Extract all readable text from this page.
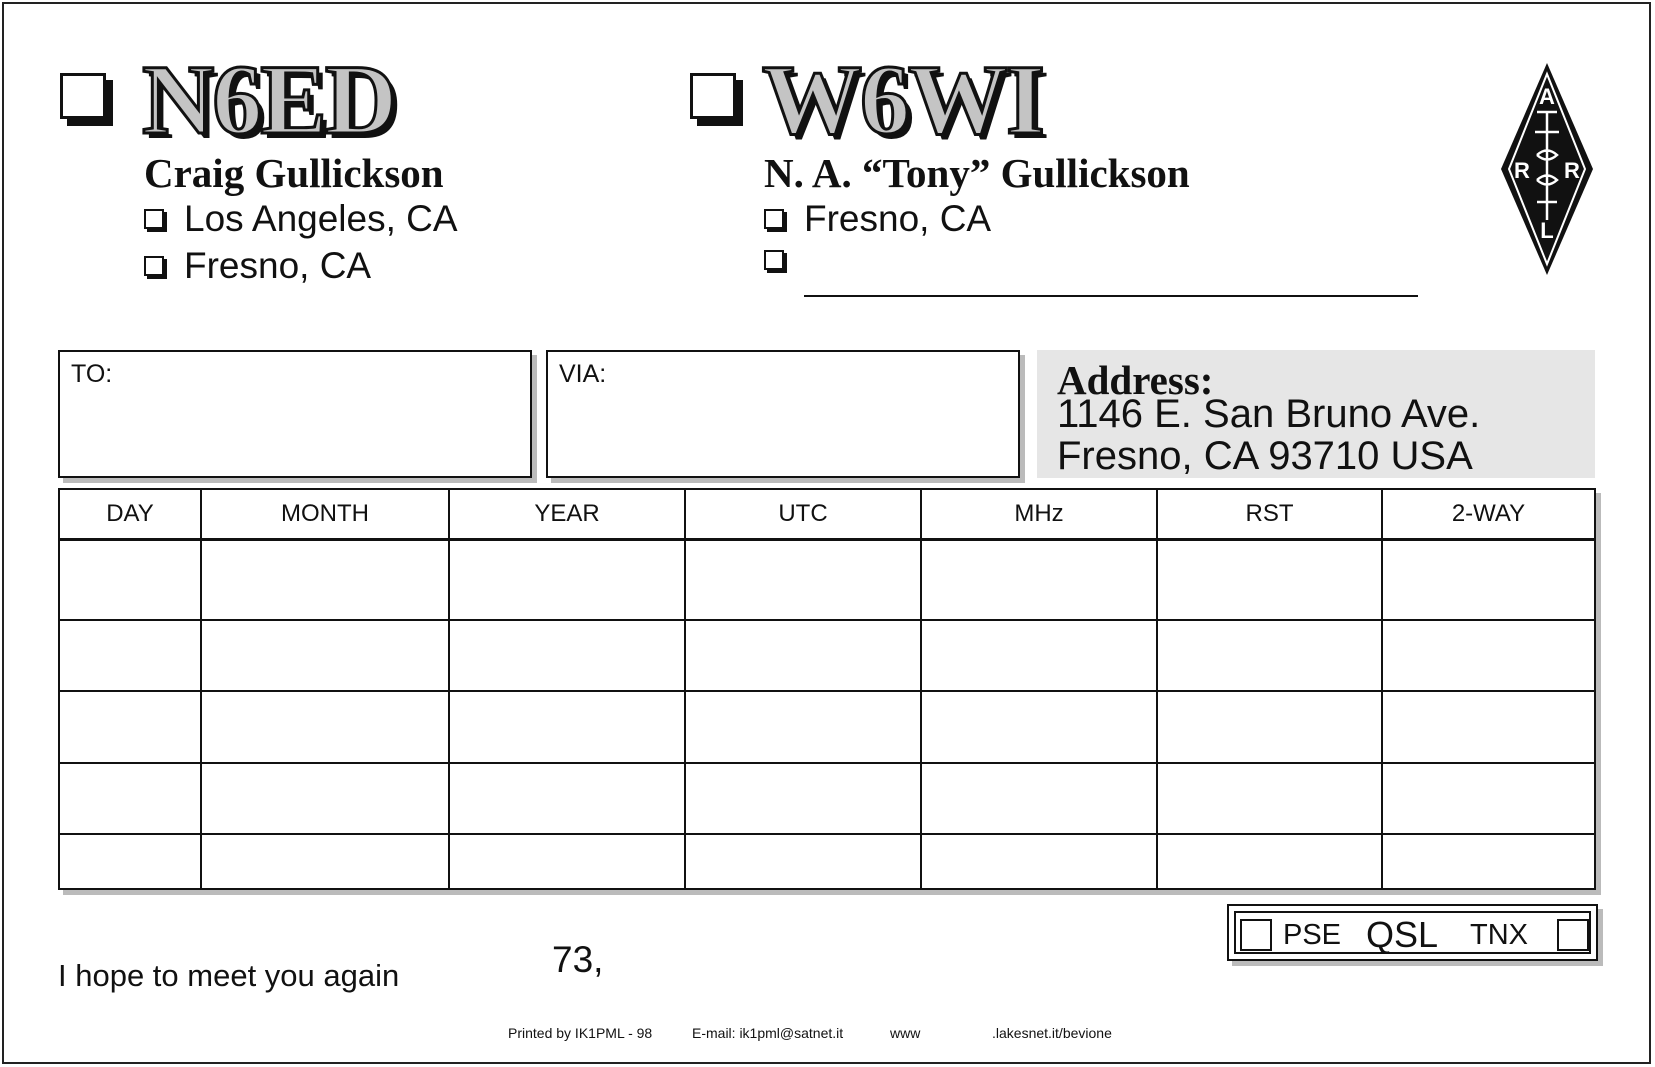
N6ED
Craig Gullickson
Los Angeles, CA
Fresno, CA
W6WI
N. A. “Tony” Gullickson
Fresno, CA
A
R R
L
TO:	VIA:	Address:
1146 E. San Bruno Ave.
Fresno, CA 93710 USA
DAY	MONTH	YEAR	UTC	MHz	RST	2-WAY

PSE QSL TNX
I hope to meet you again	73,
Printed by IK1PML - 98	E-mail: ik1pml@satnet.it	www	.lakesnet.it/bevione
